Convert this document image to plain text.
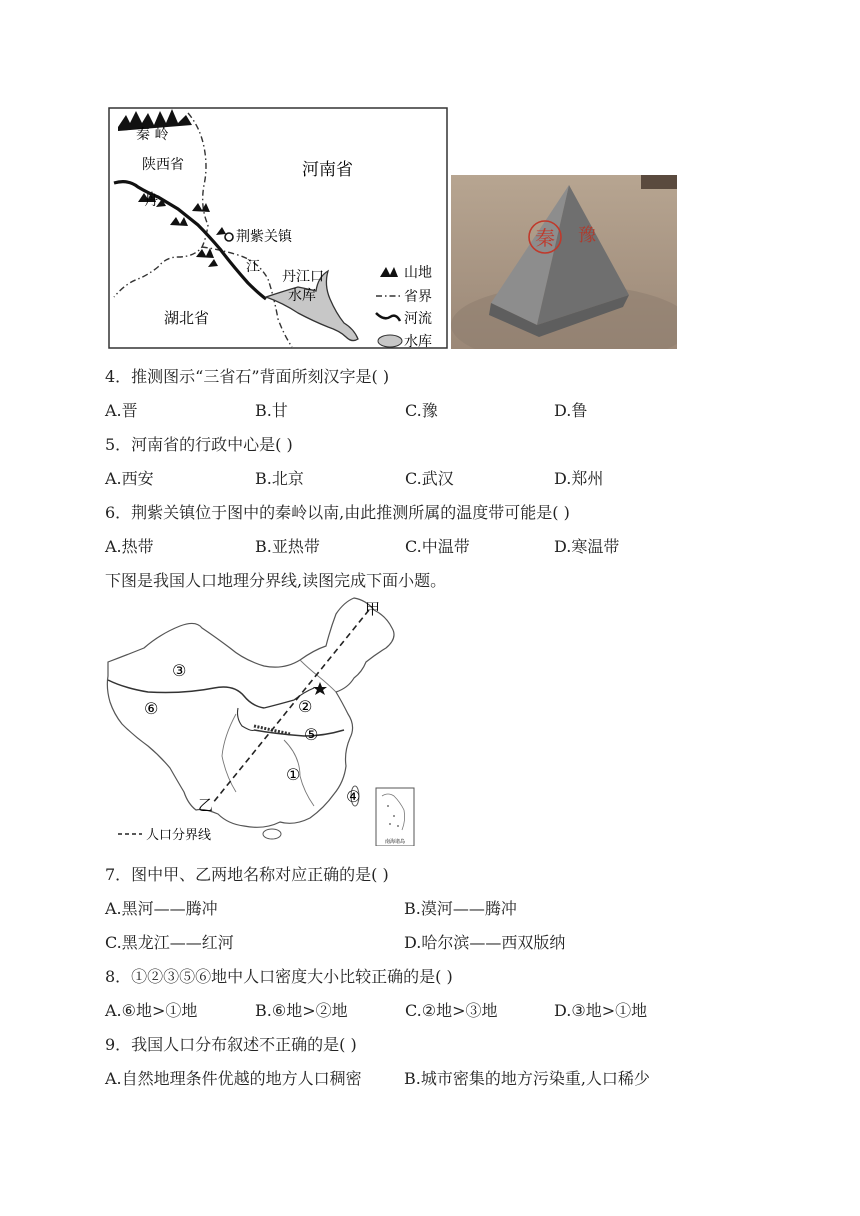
秦 岭
陕西省	河南省
丹
江
荆紫关镇
丹江口
水库
湖北省
山地
省界
河流
水库
秦 豫
4．推测图示“三省石”背面所刻汉字是( )
A.晋	B.甘	C.豫	D.鲁
5．河南省的行政中心是( )
A.西安	B.北京	C.武汉	D.郑州
6．荆紫关镇位于图中的秦岭以南,由此推测所属的温度带可能是( )
A.热带	B.亚热带	C.中温带	D.寒温带
下图是我国人口地理分界线,读图完成下面小题。
甲
乙
③
⑥	②
⑤
①
④
南海诸岛
人口分界线
7．图中甲、乙两地名称对应正确的是( )
A.黑河——腾冲	B.漠河——腾冲
C.黑龙江——红河	D.哈尔滨——西双版纳
8．①②③⑤⑥地中人口密度大小比较正确的是( )
A.⑥地>①地	B.⑥地>②地	C.②地>③地	D.③地>①地
9．我国人口分布叙述不正确的是( )
A.自然地理条件优越的地方人口稠密	B.城市密集的地方污染重,人口稀少
